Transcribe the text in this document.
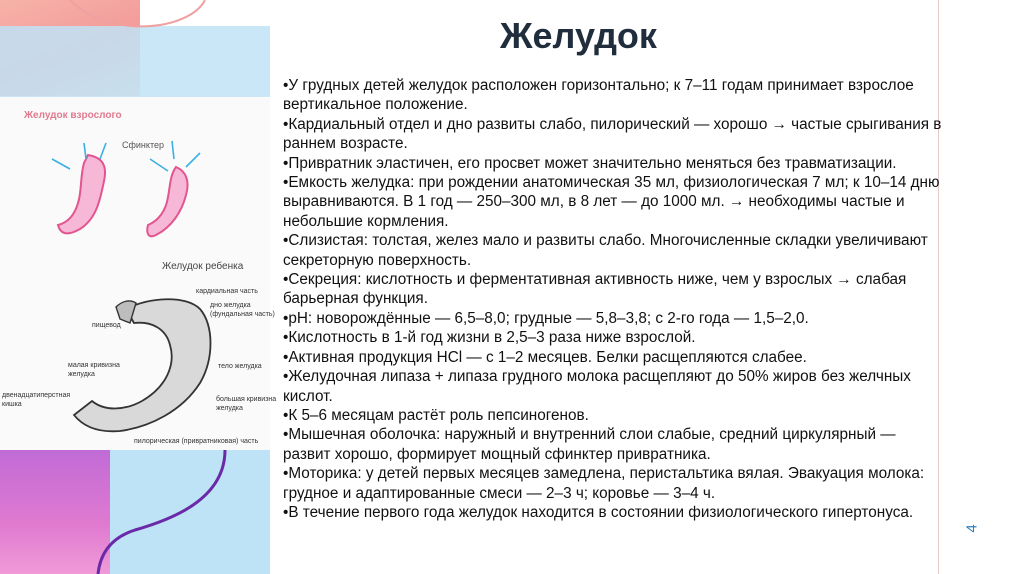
Желудок взрослого
Сфинктер
Желудок ребенка
кардиальная часть
дно желудка
(фундальная часть)
пищевод
малая кривизна
желудка
тело желудка
двенадцатиперстная
кишка
большая кривизна
желудка
пилорическая (привратниковая) часть
Желудок

•У грудных детей желудок расположен горизонтально; к 7–11 годам принимает взрослое вертикальное положение.

•Кардиальный отдел и дно развиты слабо, пилорический — хорошо → частые срыгивания в раннем возрасте.

•Привратник эластичен, его просвет может значительно меняться без травматизации.

•Емкость желудка: при рождении анатомическая 35 мл, физиологическая 7 мл; к 10–14 дню выравниваются. В 1 год — 250–300 мл, в 8 лет — до 1000 мл. → необходимы частые и небольшие кормления.

•Слизистая: толстая, желез мало и развиты слабо. Многочисленные складки увеличивают секреторную поверхность.

•Секреция: кислотность и ферментативная активность ниже, чем у взрослых → слабая барьерная функция.

•pH: новорождённые — 6,5–8,0; грудные — 5,8–3,8; с 2-го года — 1,5–2,0.

•Кислотность в 1-й год жизни в 2,5–3 раза ниже взрослой.

•Активная продукция HCl — с 1–2 месяцев. Белки расщепляются слабее.

•Желудочная липаза + липаза грудного молока расщепляют до 50% жиров без желчных кислот.

•К 5–6 месяцам растёт роль пепсиногенов.

•Мышечная оболочка: наружный и внутренний слои слабые, средний циркулярный — развит хорошо, формирует мощный сфинктер привратника.

•Моторика: у детей первых месяцев замедлена, перистальтика вялая. Эвакуация молока: грудное и адаптированные смеси — 2–3 ч; коровье — 3–4 ч.

•В течение первого года желудок находится в состоянии физиологического гипертонуса.

4
